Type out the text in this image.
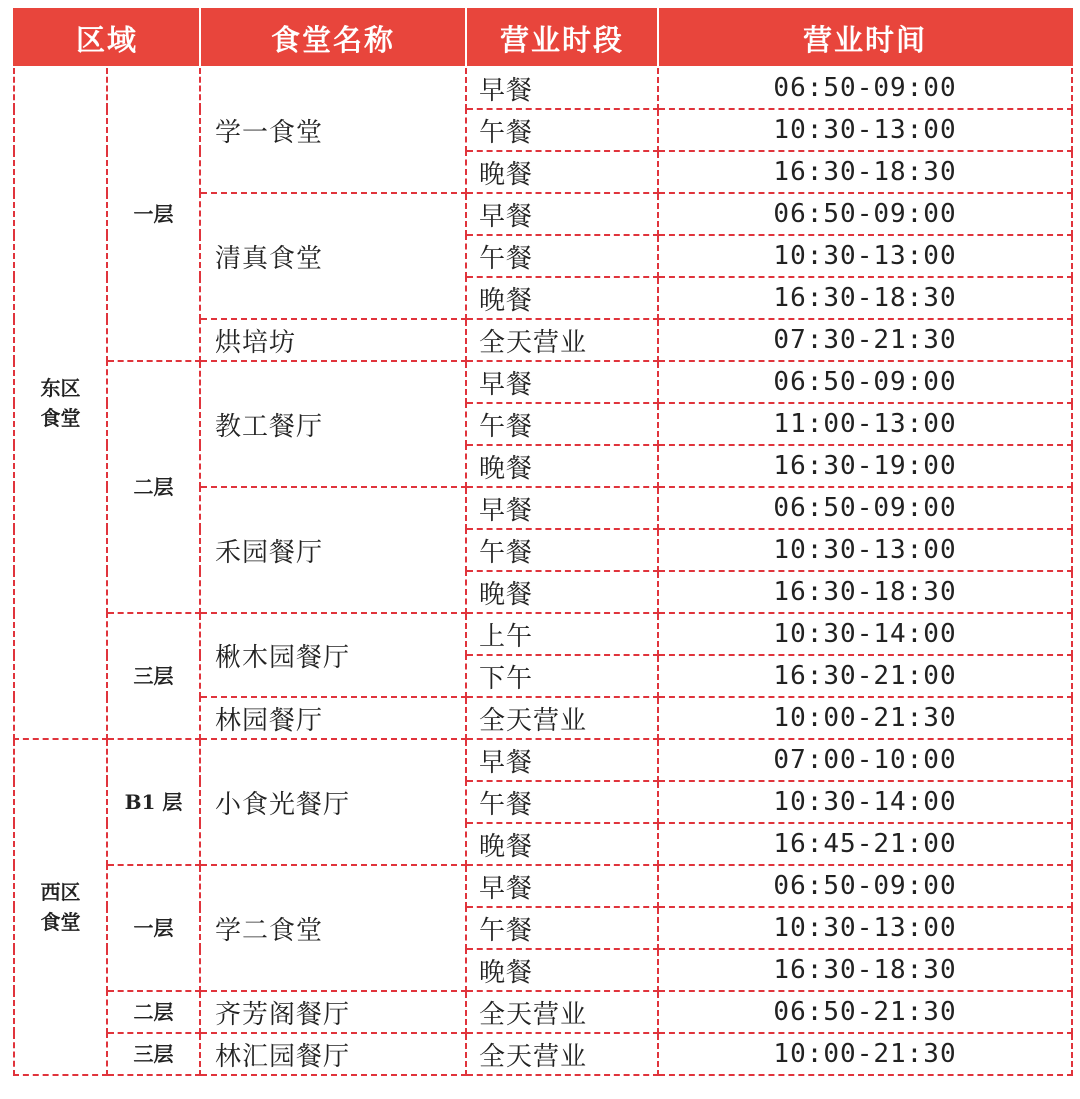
区域		食堂名称	营业时段	营业时间
东区食堂	一层	学一食堂	早餐	06:50-09:00
			午餐	10:30-13:00
			晚餐	16:30-18:30
		清真食堂	早餐	06:50-09:00
			午餐	10:30-13:00
			晚餐	16:30-18:30
		烘培坊	全天营业	07:30-21:30
	二层	教工餐厅	早餐	06:50-09:00
			午餐	11:00-13:00
			晚餐	16:30-19:00
		禾园餐厅	早餐	06:50-09:00
			午餐	10:30-13:00
			晚餐	16:30-18:30
	三层	楸木园餐厅	上午	10:30-14:00
			下午	16:30-21:00
		林园餐厅	全天营业	10:00-21:30
西区食堂	B1 层	小食光餐厅	早餐	07:00-10:00
			午餐	10:30-14:00
			晚餐	16:45-21:00
	一层	学二食堂	早餐	06:50-09:00
			午餐	10:30-13:00
			晚餐	16:30-18:30
	二层	齐芳阁餐厅	全天营业	06:50-21:30
	三层	林汇园餐厅	全天营业	10:00-21:30
